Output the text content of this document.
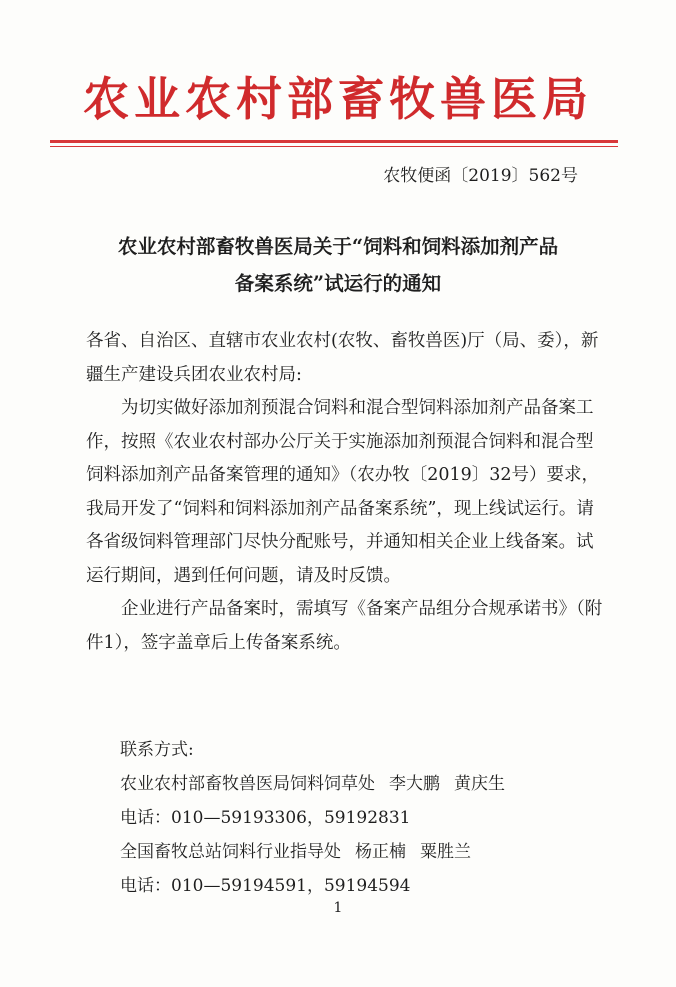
农业农村部畜牧兽医局
农牧便函〔2019〕562号
农业农村部畜牧兽医局关于“饲料和饲料添加剂产品
备案系统”试运行的通知

各省、自治区、直辖市农业农村(农牧、畜牧兽医)厅（局、委），新疆生产建设兵团农业农村局:

为切实做好添加剂预混合饲料和混合型饲料添加剂产品备案工作，按照《农业农村部办公厅关于实施添加剂预混合饲料和混合型饲料添加剂产品备案管理的通知》（农办牧〔2019〕32号）要求，我局开发了“饲料和饲料添加剂产品备案系统”，现上线试运行。请各省级饲料管理部门尽快分配账号，并通知相关企业上线备案。试运行期间，遇到任何问题，请及时反馈。

企业进行产品备案时，需填写《备案产品组分合规承诺书》（附件1），签字盖章后上传备案系统。

联系方式:
农业农村部畜牧兽医局饲料饲草处 李大鹏 黄庆生
电话：010—59193306，59192831
全国畜牧总站饲料行业指导处 杨正楠 粟胜兰
电话：010—59194591，59194594
1
